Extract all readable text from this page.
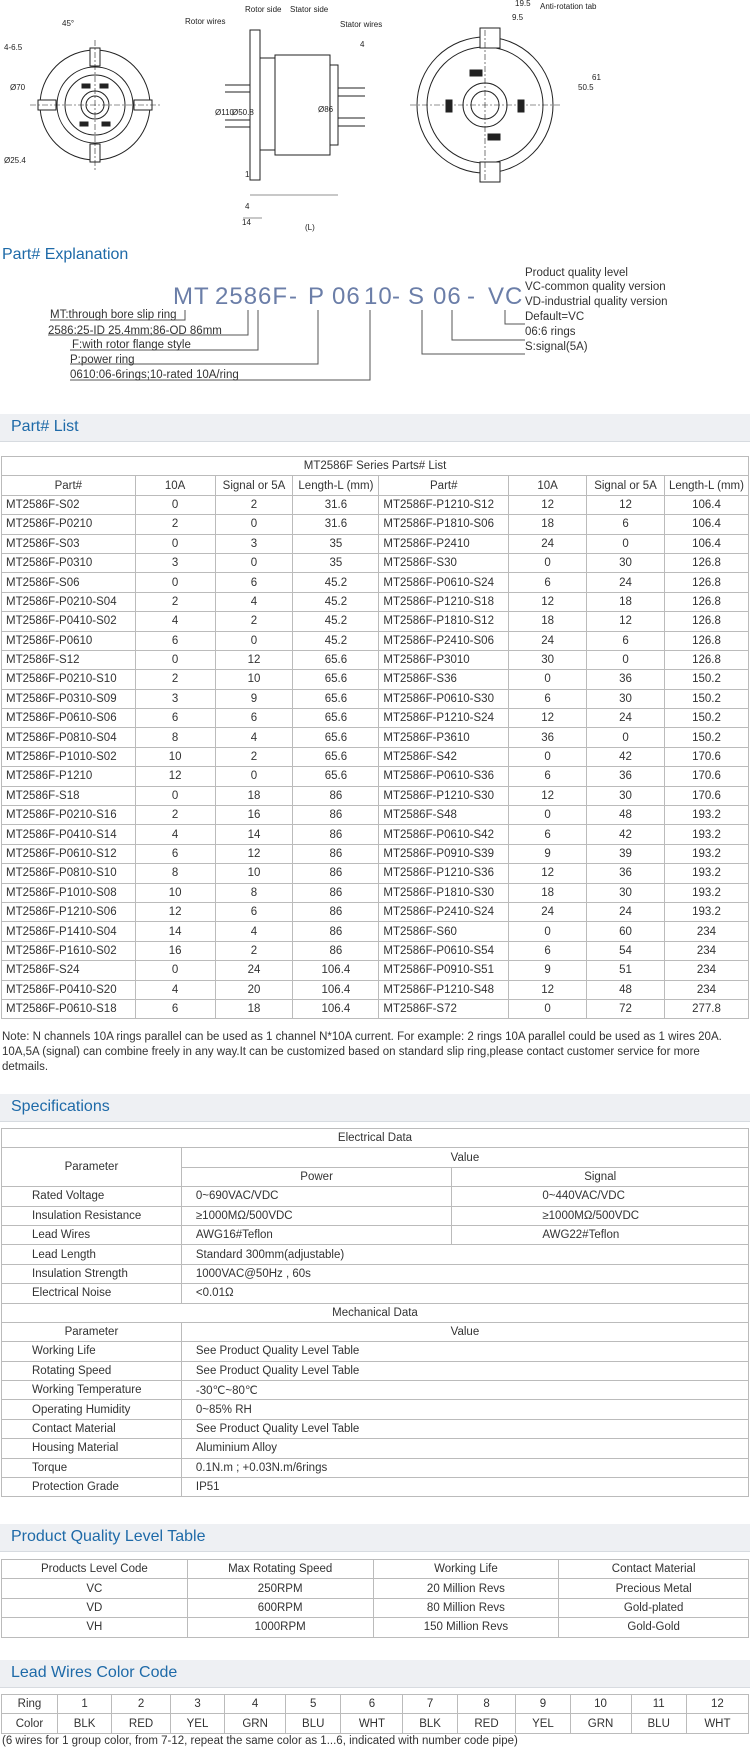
45°
4-6.5
Ø70
Ø25.4
Rotor side Stator side
Rotor wires	Stator wires
4
Ø110
Ø50.8	Ø86
1
4
14
(L)
19.5
9.5
Anti-rotation tab
50.5
61
Part# Explanation
MT 2586F - P 06 10 - S 06 - VC
MT:through bore slip ring
2586:25-ID 25.4mm;86-OD 86mm
F:with rotor flange style
P:power ring
0610:06-6rings;10-rated 10A/ring
Product quality level
VC-common quality version
VD-industrial quality version
Default=VC
06:6 rings
S:signal(5A)
Part# List
MT2586F Series Parts# List							
Part#	10A	Signal or 5A	Length-L (mm)	Part#	10A	Signal or 5A	Length-L (mm)
MT2586F-S02	0	2	31.6	MT2586F-P1210-S12	12	12	106.4
MT2586F-P0210	2	0	31.6	MT2586F-P1810-S06	18	6	106.4
MT2586F-S03	0	3	35	MT2586F-P2410	24	0	106.4
MT2586F-P0310	3	0	35	MT2586F-S30	0	30	126.8
MT2586F-S06	0	6	45.2	MT2586F-P0610-S24	6	24	126.8
MT2586F-P0210-S04	2	4	45.2	MT2586F-P1210-S18	12	18	126.8
MT2586F-P0410-S02	4	2	45.2	MT2586F-P1810-S12	18	12	126.8
MT2586F-P0610	6	0	45.2	MT2586F-P2410-S06	24	6	126.8
MT2586F-S12	0	12	65.6	MT2586F-P3010	30	0	126.8
MT2586F-P0210-S10	2	10	65.6	MT2586F-S36	0	36	150.2
MT2586F-P0310-S09	3	9	65.6	MT2586F-P0610-S30	6	30	150.2
MT2586F-P0610-S06	6	6	65.6	MT2586F-P1210-S24	12	24	150.2
MT2586F-P0810-S04	8	4	65.6	MT2586F-P3610	36	0	150.2
MT2586F-P1010-S02	10	2	65.6	MT2586F-S42	0	42	170.6
MT2586F-P1210	12	0	65.6	MT2586F-P0610-S36	6	36	170.6
MT2586F-S18	0	18	86	MT2586F-P1210-S30	12	30	170.6
MT2586F-P0210-S16	2	16	86	MT2586F-S48	0	48	193.2
MT2586F-P0410-S14	4	14	86	MT2586F-P0610-S42	6	42	193.2
MT2586F-P0610-S12	6	12	86	MT2586F-P0910-S39	9	39	193.2
MT2586F-P0810-S10	8	10	86	MT2586F-P1210-S36	12	36	193.2
MT2586F-P1010-S08	10	8	86	MT2586F-P1810-S30	18	30	193.2
MT2586F-P1210-S06	12	6	86	MT2586F-P2410-S24	24	24	193.2
MT2586F-P1410-S04	14	4	86	MT2586F-S60	0	60	234
MT2586F-P1610-S02	16	2	86	MT2586F-P0610-S54	6	54	234
MT2586F-S24	0	24	106.4	MT2586F-P0910-S51	9	51	234
MT2586F-P0410-S20	4	20	106.4	MT2586F-P1210-S48	12	48	234
MT2586F-P0610-S18	6	18	106.4	MT2586F-S72	0	72	277.8
Note: N channels 10A rings parallel can be used as 1 channel N*10A current. For example: 2 rings 10A parallel could be used as 1 wires 20A. 10A,5A (signal) can combine freely in any way.It can be customized based on standard slip ring,please contact customer service for more detmails.
Specifications
Electrical Data		
Parameter	Value	
	Power	Signal
Rated Voltage	0~690VAC/VDC	0~440VAC/VDC
Insulation Resistance	≥1000MΩ/500VDC	≥1000MΩ/500VDC
Lead Wires	AWG16#Teflon	AWG22#Teflon
Lead Length	Standard 300mm(adjustable)	
Insulation Strength	1000VAC@50Hz , 60s	
Electrical Noise	<0.01Ω	
Mechanical Data		
Parameter	Value	
Working Life	See Product Quality Level Table	
Rotating Speed	See Product Quality Level Table	
Working Temperature	-30℃~80℃	
Operating Humidity	0~85% RH	
Contact Material	See Product Quality Level Table	
Housing Material	Aluminium Alloy	
Torque	0.1N.m ; +0.03N.m/6rings	
Protection Grade	IP51	
Product Quality Level Table
Products Level Code	Max Rotating Speed	Working Life	Contact Material
VC	250RPM	20 Million Revs	Precious Metal
VD	600RPM	80 Million Revs	Gold-plated
VH	1000RPM	150 Million Revs	Gold-Gold
Lead Wires Color Code
Ring	1	2	3	4	5	6	7	8	9	10	11	12
Color	BLK	RED	YEL	GRN	BLU	WHT	BLK	RED	YEL	GRN	BLU	WHT
(6 wires for 1 group color, from 7-12, repeat the same color as 1...6, indicated with number code pipe)
